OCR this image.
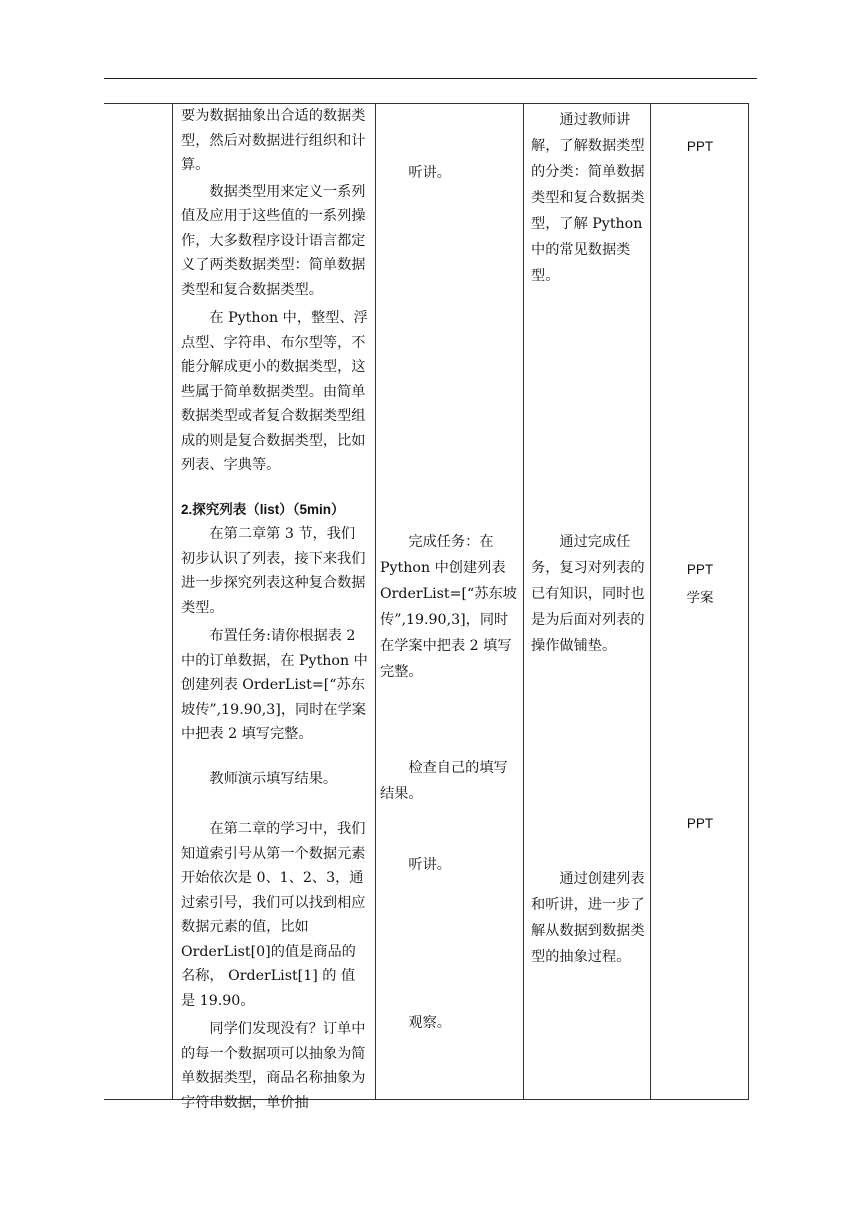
要为数据抽象出合适的数据类型，然后对数据进行组织和计算。

数据类型用来定义一系列值及应用于这些值的一系列操作，大多数程序设计语言都定义了两类数据类型：简单数据类型和复合数据类型。

在 Python 中，整型、浮点型、字符串、布尔型等，不能分解成更小的数据类型，这些属于简单数据类型。由简单数据类型或者复合数据类型组成的则是复合数据类型，比如列表、字典等。

2.探究列表（list）（5min）

在第二章第 3 节，我们初步认识了列表，接下来我们进一步探究列表这种复合数据类型。

布置任务:请你根据表 2 中的订单数据，在 Python 中创建列表 OrderList=[“苏东坡传”,19.90,3]，同时在学案中把表 2 填写完整。

教师演示填写结果。

在第二章的学习中，我们知道索引号从第一个数据元素开始依次是 0、1、2、3，通过索引号，我们可以找到相应数据元素的值，比如 OrderList[0]的值是商品的名称， OrderList[1] 的 值 是 19.90。

同学们发现没有？订单中的每一个数据项可以抽象为简单数据类型，商品名称抽象为字符串数据，单价抽

听讲。

完成任务：在 Python 中创建列表 OrderList=[“苏东坡传”,19.90,3]，同时在学案中把表 2 填写完整。

检查自己的填写结果。

听讲。

观察。

通过教师讲解，了解数据类型的分类：简单数据类型和复合数据类型，了解 Python 中的常见数据类型。

通过完成任务，复习对列表的已有知识，同时也是为后面对列表的操作做铺垫。

通过创建列表和听讲，进一步了解从数据到数据类型的抽象过程。

PPT
PPT
学案
PPT
